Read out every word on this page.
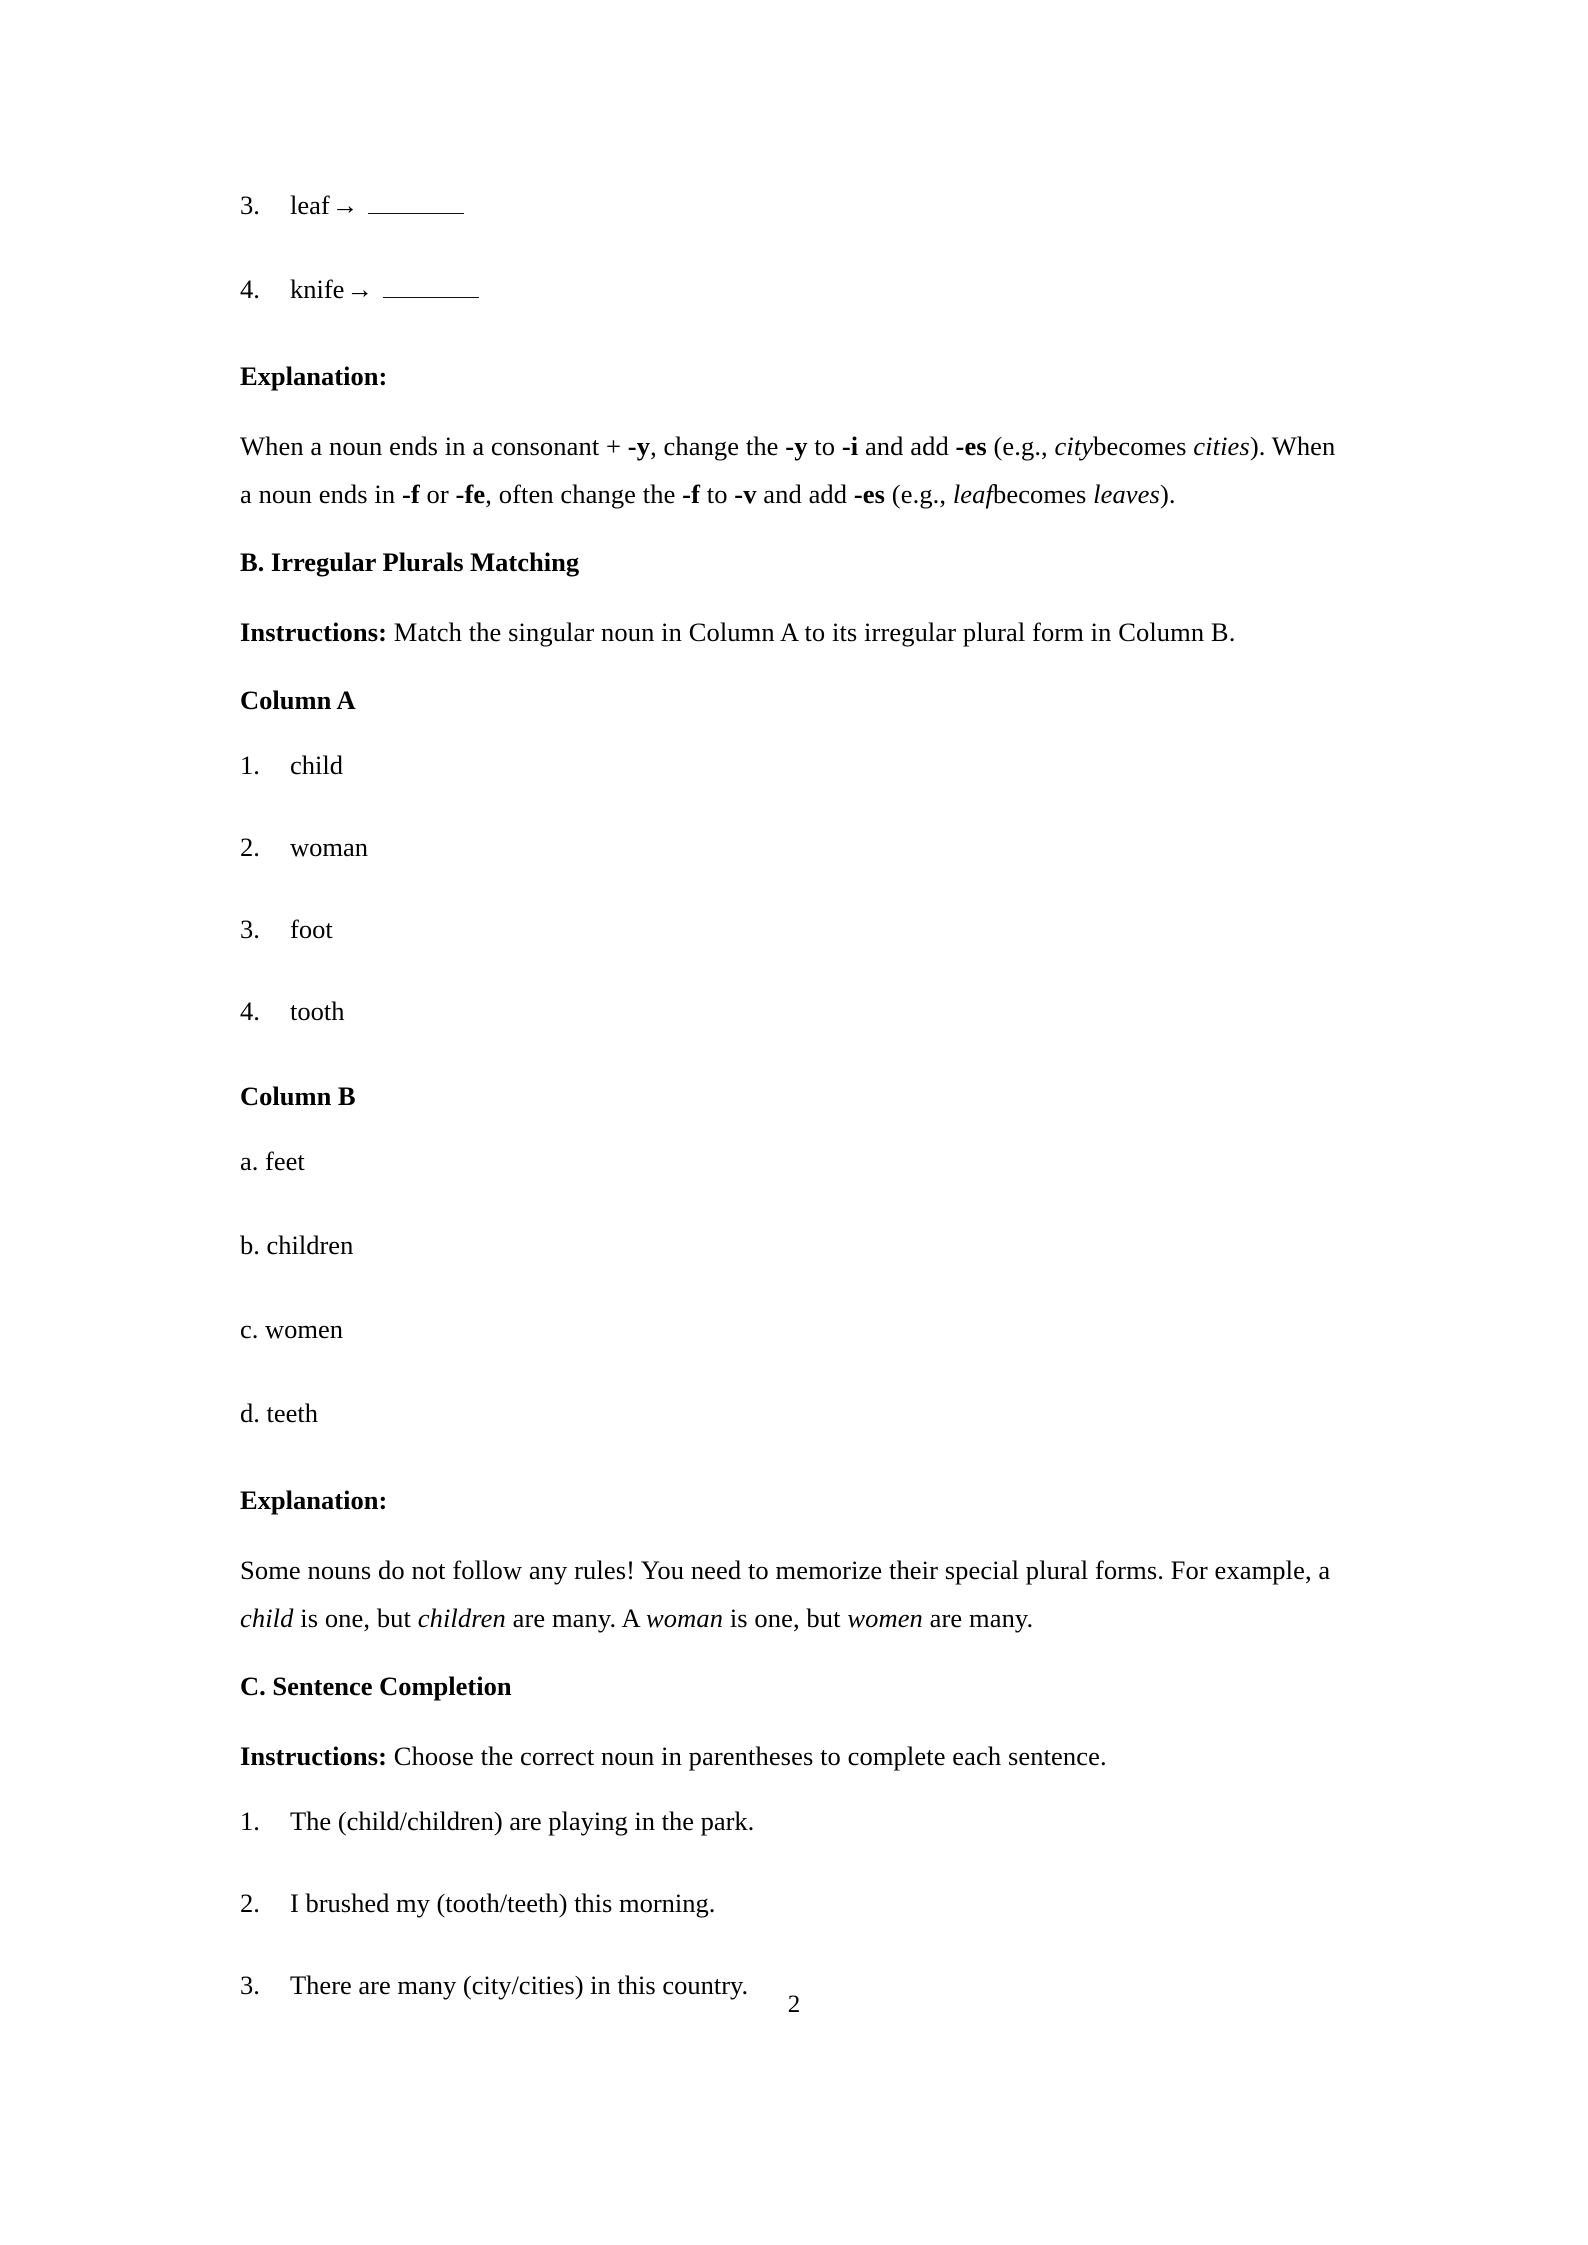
3.	leaf→
4.	knife→
Explanation:

When a noun ends in a consonant + -y, change the -y to -i and add -es (e.g., citybecomes cities). When a noun ends in -f or -fe, often change the -f to -v and add -es (e.g., leafbecomes leaves).

B. Irregular Plurals Matching

Instructions: Match the singular noun in Column A to its irregular plural form in Column B.

Column A
1.	child
2.	woman
3.	foot
4.	tooth
Column B
a. feet
b. children
c. women
d. teeth
Explanation:

Some nouns do not follow any rules! You need to memorize their special plural forms. For example, a child is one, but children are many. A woman is one, but women are many.

C. Sentence Completion

Instructions: Choose the correct noun in parentheses to complete each sentence.

1.	The (child/children) are playing in the park.
2.	I brushed my (tooth/teeth) this morning.
3.	There are many (city/cities) in this country.
2
